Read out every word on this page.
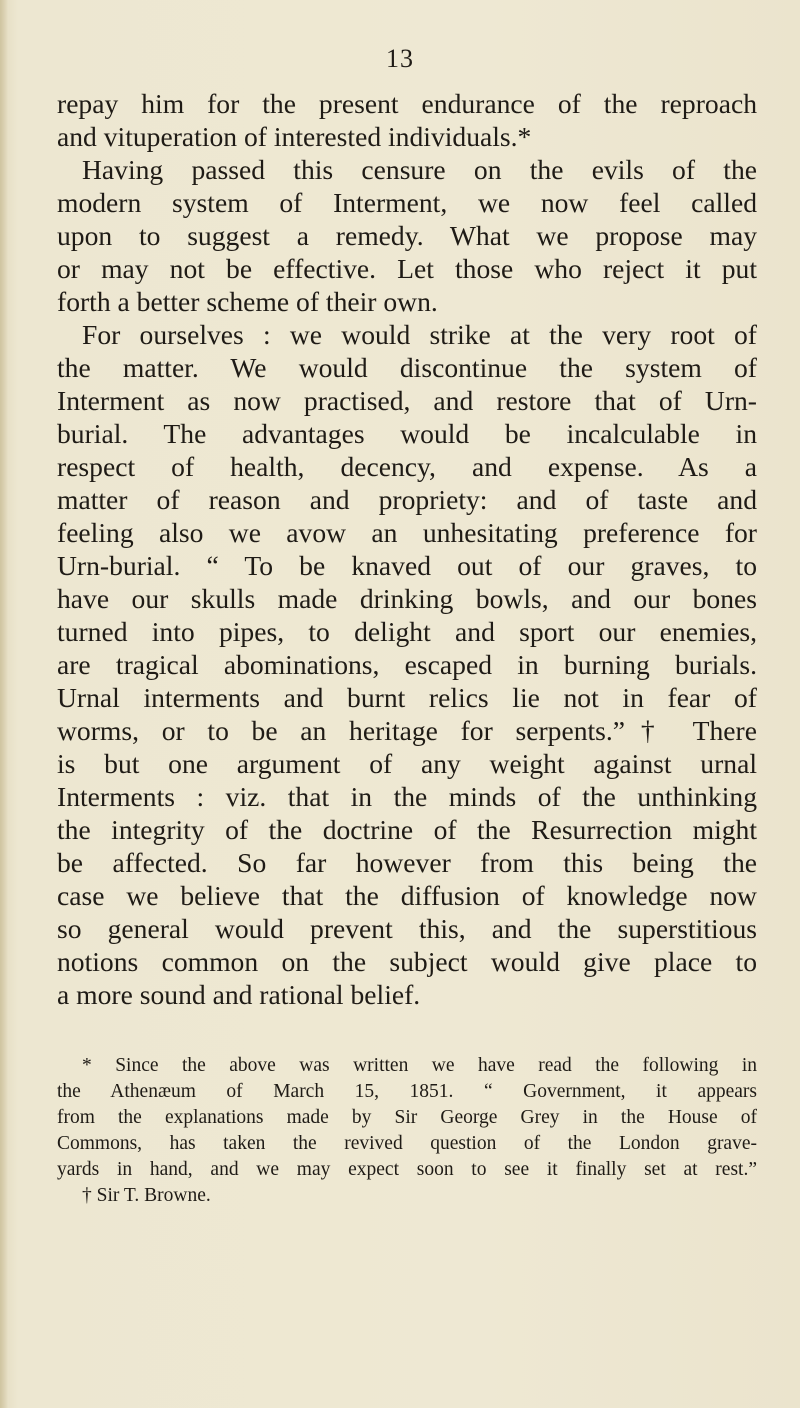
13
repay him for the present endurance of the reproach
and vituperation of interested individuals.*
Having passed this censure on the evils of the
modern system of Interment, we now feel called
upon to suggest a remedy. What we propose may
or may not be effective. Let those who reject it put
forth a better scheme of their own.
For ourselves : we would strike at the very root of
the matter. We would discontinue the system of
Interment as now practised, and restore that of Urn-
burial. The advantages would be incalculable in
respect of health, decency, and expense. As a
matter of reason and propriety: and of taste and
feeling also we avow an unhesitating preference for
Urn-burial. “ To be knaved out of our graves, to
have our skulls made drinking bowls, and our bones
turned into pipes, to delight and sport our enemies,
are tragical abominations, escaped in burning burials.
Urnal interments and burnt relics lie not in fear of
worms, or to be an heritage for serpents.”† There
is but one argument of any weight against urnal
Interments : viz. that in the minds of the unthinking
the integrity of the doctrine of the Resurrection might
be affected. So far however from this being the
case we believe that the diffusion of knowledge now
so general would prevent this, and the superstitious
notions common on the subject would give place to
a more sound and rational belief.
* Since the above was written we have read the following in
the Athenæum of March 15, 1851. “ Government, it appears
from the explanations made by Sir George Grey in the House of
Commons, has taken the revived question of the London grave-
yards in hand, and we may expect soon to see it finally set at rest.”
† Sir T. Browne.
